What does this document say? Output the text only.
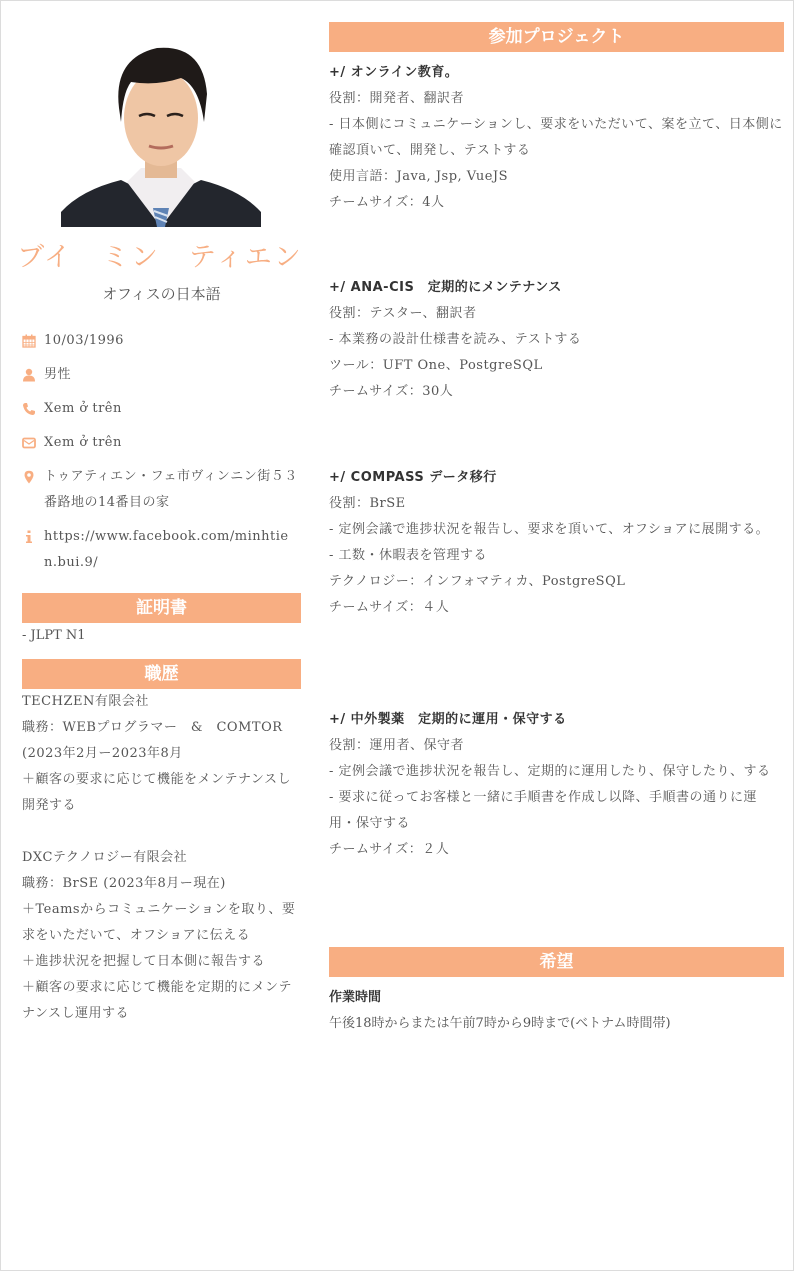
ブイ　ミン　ティエン
オフィスの日本語
10/03/1996
男性
Xem ở trên
Xem ở trên
トゥアティエン・フェ市ヴィンニン街５３番路地の14番目の家
https://www.facebook.com/minhtien.bui.9/
証明書
- JLPT N1
職歴
TECHZEN有限会社
職務：WEBプログラマー　&　COMTOR
(2023年2月ー2023年8月
＋顧客の要求に応じて機能をメンテナンスし開発する
DXCテクノロジー有限会社
職務：BrSE (2023年8月ー現在)
＋Teamsからコミュニケーションを取り、要求をいただいて、オフショアに伝える
＋進捗状況を把握して日本側に報告する
＋顧客の要求に応じて機能を定期的にメンテナンスし運用する
参加プロジェクト
+/ オンライン教育。
役割：開発者、翻訳者
- 日本側にコミュニケーションし、要求をいただいて、案を立て、日本側に確認頂いて、開発し、テストする
使用言語：Java, Jsp, VueJS
チームサイズ：4人
+/ ANA-CIS　定期的にメンテナンス
役割：テスター、翻訳者
- 本業務の設計仕様書を読み、テストする
ツール：UFT One、PostgreSQL
チームサイズ：30人
+/ COMPASS データ移行
役割：BrSE
- 定例会議で進捗状況を報告し、要求を頂いて、オフショアに展開する。
- 工数・休暇表を管理する
テクノロジー：インフォマティカ、PostgreSQL
チームサイズ：４人
+/ 中外製薬　定期的に運用・保守する
役割：運用者、保守者
- 定例会議で進捗状況を報告し、定期的に運用したり、保守したり、する
- 要求に従ってお客様と一緒に手順書を作成し以降、手順書の通りに運用・保守する
チームサイズ：２人
希望
作業時間
午後18時からまたは午前7時から9時まで(ベトナム時間帯)
